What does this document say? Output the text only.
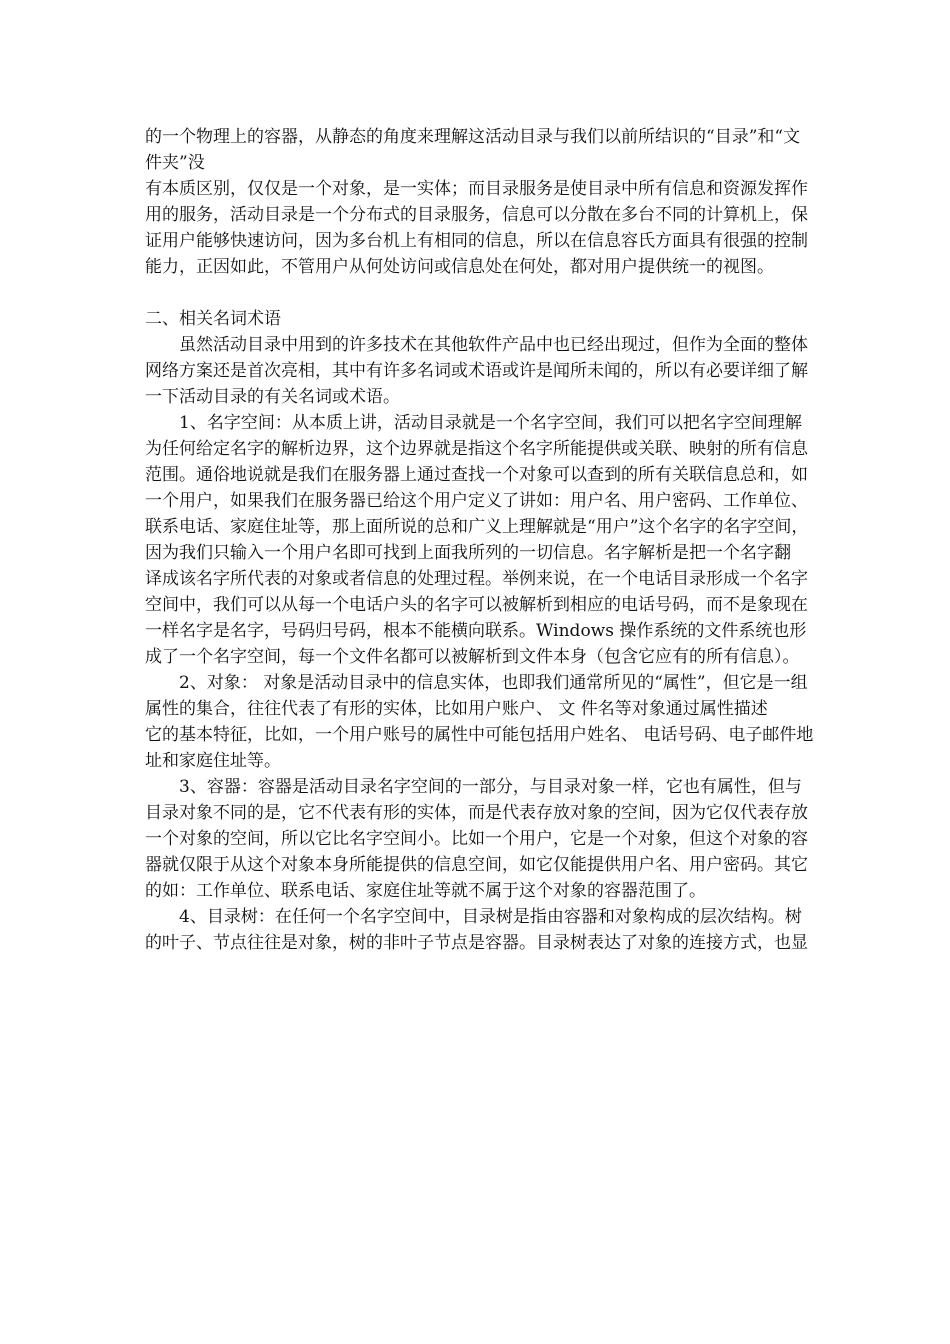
的一个物理上的容器，从静态的角度来理解这活动目录与我们以前所结识的“目录”和“文件夹”没

有本质区别，仅仅是一个对象，是一实体；而目录服务是使目录中所有信息和资源发挥作用的服务，活动目录是一个分布式的目录服务，信息可以分散在多台不同的计算机上，保

证用户能够快速访问，因为多台机上有相同的信息，所以在信息容氏方面具有很强的控制能力，正因如此，不管用户从何处访问或信息处在何处，都对用户提供统一的视图。

二、相关名词术语

虽然活动目录中用到的许多技术在其他软件产品中也已经出现过，但作为全面的整体网络方案还是首次亮相，其中有许多名词或术语或许是闻所未闻的，所以有必要详细了解

一下活动目录的有关名词或术语。

1、名字空间：从本质上讲，活动目录就是一个名字空间，我们可以把名字空间理解为任何给定名字的解析边界，这个边界就是指这个名字所能提供或关联、映射的所有信息

范围。通俗地说就是我们在服务器上通过查找一个对象可以查到的所有关联信息总和，如一个用户，如果我们在服务器已给这个用户定义了讲如：用户名、用户密码、工作单位、

联系电话、家庭住址等，那上面所说的总和广义上理解就是“用户”这个名字的名字空间，因为我们只输入一个用户名即可找到上面我所列的一切信息。名字解析是把一个名字翻

译成该名字所代表的对象或者信息的处理过程。举例来说，在一个电话目录形成一个名字空间中，我们可以从每一个电话户头的名字可以被解析到相应的电话号码，而不是象现在

一样名字是名字，号码归号码，根本不能横向联系。Windows 操作系统的文件系统也形成了一个名字空间，每一个文件名都可以被解析到文件本身（包含它应有的所有信息）。

2、对象： 对象是活动目录中的信息实体，也即我们通常所见的“属性”，但它是一组属性的集合，往往代表了有形的实体，比如用户账户、 文 件名等对象通过属性描述

它的基本特征，比如，一个用户账号的属性中可能包括用户姓名、 电话号码、电子邮件地址和家庭住址等。

3、容器：容器是活动目录名字空间的一部分，与目录对象一样，它也有属性，但与目录对象不同的是，它不代表有形的实体，而是代表存放对象的空间，因为它仅代表存放

一个对象的空间，所以它比名字空间小。比如一个用户，它是一个对象，但这个对象的容器就仅限于从这个对象本身所能提供的信息空间，如它仅能提供用户名、用户密码。其它

的如：工作单位、联系电话、家庭住址等就不属于这个对象的容器范围了。

4、目录树：在任何一个名字空间中，目录树是指由容器和对象构成的层次结构。树的叶子、节点往往是对象，树的非叶子节点是容器。目录树表达了对象的连接方式，也显
